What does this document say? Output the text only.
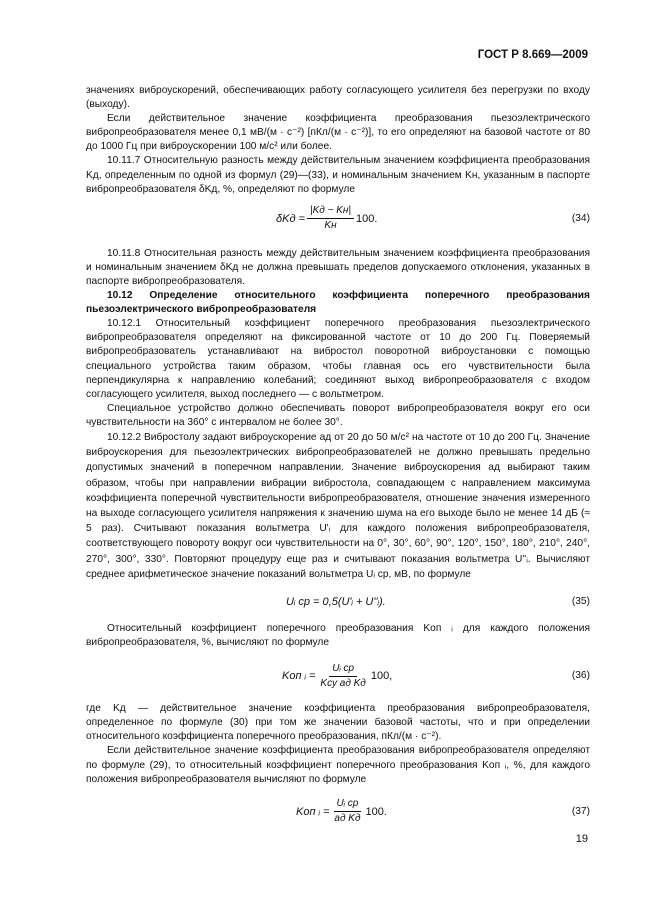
ГОСТ Р 8.669—2009

значениях виброускорений, обеспечивающих работу согласующего усилителя без перегрузки по входу (выходу).

Если действительное значение коэффициента преобразования пьезоэлектрического вибропреобразователя менее 0,1 мВ/(м · с⁻²) [пКл/(м · с⁻²)], то его определяют на базовой частоте от 80 до 1000 Гц при виброускорении 100 м/с² или более.

10.11.7 Относительную разность между действительным значением коэффициента преобразования Kд, определенным по одной из формул (29)—(33), и номинальным значением Kн, указанным в паспорте вибропреобразователя δKд, %, определяют по формуле

$\delta Kд = \frac{|Kд - Kн|}{Kн} 100$.	(34)

10.11.8 Относительная разность между действительным значением коэффициента преобразования и номинальным значением δKд не должна превышать пределов допускаемого отклонения, указанных в паспорте вибропреобразователя.

10.12 Определение относительного коэффициента поперечного преобразования пьезоэлектрического вибропреобразователя

10.12.1 Относительный коэффициент поперечного преобразования пьезоэлектрического вибропреобразователя определяют на фиксированной частоте от 10 до 200 Гц. Поверяемый вибропреобразователь устанавливают на вибростол поворотной виброустановки с помощью специального устройства таким образом, чтобы главная ось его чувствительности была перпендикулярна к направлению колебаний; соединяют выход вибропреобразователя с входом согласующего усилителя, выход последнего — с вольтметром.

Специальное устройство должно обеспечивать поворот вибропреобразователя вокруг его оси чувствительности на 360° с интервалом не более 30°.

10.12.2 Вибростолу задают виброускорение aд от 20 до 50 м/с² на частоте от 10 до 200 Гц. Значение виброускорения для пьезоэлектрических вибропреобразователей не должно превышать предельно допустимых значений в поперечном направлении. Значение виброускорения aд выбирают таким образом, чтобы при направлении вибрации вибростола, совпадающем с направлением максимума коэффициента поперечной чувствительности вибропреобразователя, отношение значения измеренного на выходе согласующего усилителя напряжения к значению шума на его выходе было не менее 14 дБ (≈ 5 раз). Считывают показания вольтметра U'ᵢ для каждого положения вибропреобразователя, соответствующего повороту вокруг оси чувствительности на 0°, 30°, 60°, 90°, 120°, 150°, 180°, 210°, 240°, 270°, 300°, 330°. Повторяют процедуру еще раз и считывают показания вольтметра U''ᵢ. Вычисляют среднее арифметическое значение показаний вольтметра Uᵢ ср, мВ, по формуле

Uᵢ ср = 0,5(U'ᵢ + U''ᵢ).	(35)

Относительный коэффициент поперечного преобразования Kоп ᵢ для каждого положения вибропреобразователя, %, вычисляют по формуле

Kоп ᵢ = $\frac{\text{Uᵢ ср}}{\text{Kсу aд Kд}} 100$,	(36)

где Kд — действительное значение коэффициента преобразования вибропреобразователя, определенное по формуле (30) при том же значении базовой частоты, что и при определении относительного коэффициента поперечного преобразования, пКл/(м · с⁻²).

Если действительное значение коэффициента преобразования вибропреобразователя определяют по формуле (29), то относительный коэффициент поперечного преобразования Kоп ᵢ, %, для каждого положения вибропреобразователя вычисляют по формуле

Kоп ᵢ = $\frac{\text{Uᵢ ср}}{\text{aд Kд}} 100$.	(37)
19
